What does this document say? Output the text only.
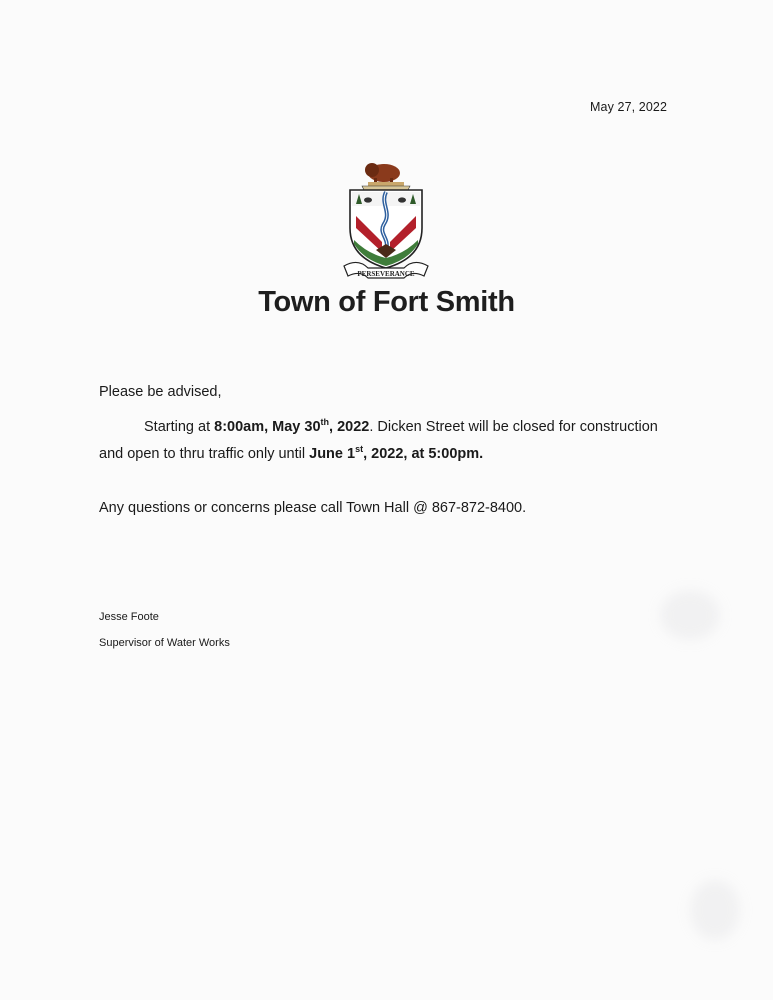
May 27, 2022
PERSEVERANCE
Town of Fort Smith
Please be advised,
Starting at 8:00am, May 30th, 2022. Dicken Street will be closed for construction and open to thru traffic only until June 1st, 2022, at 5:00pm.
Any questions or concerns please call Town Hall @ 867-872-8400.
Jesse Foote
Supervisor of Water Works
